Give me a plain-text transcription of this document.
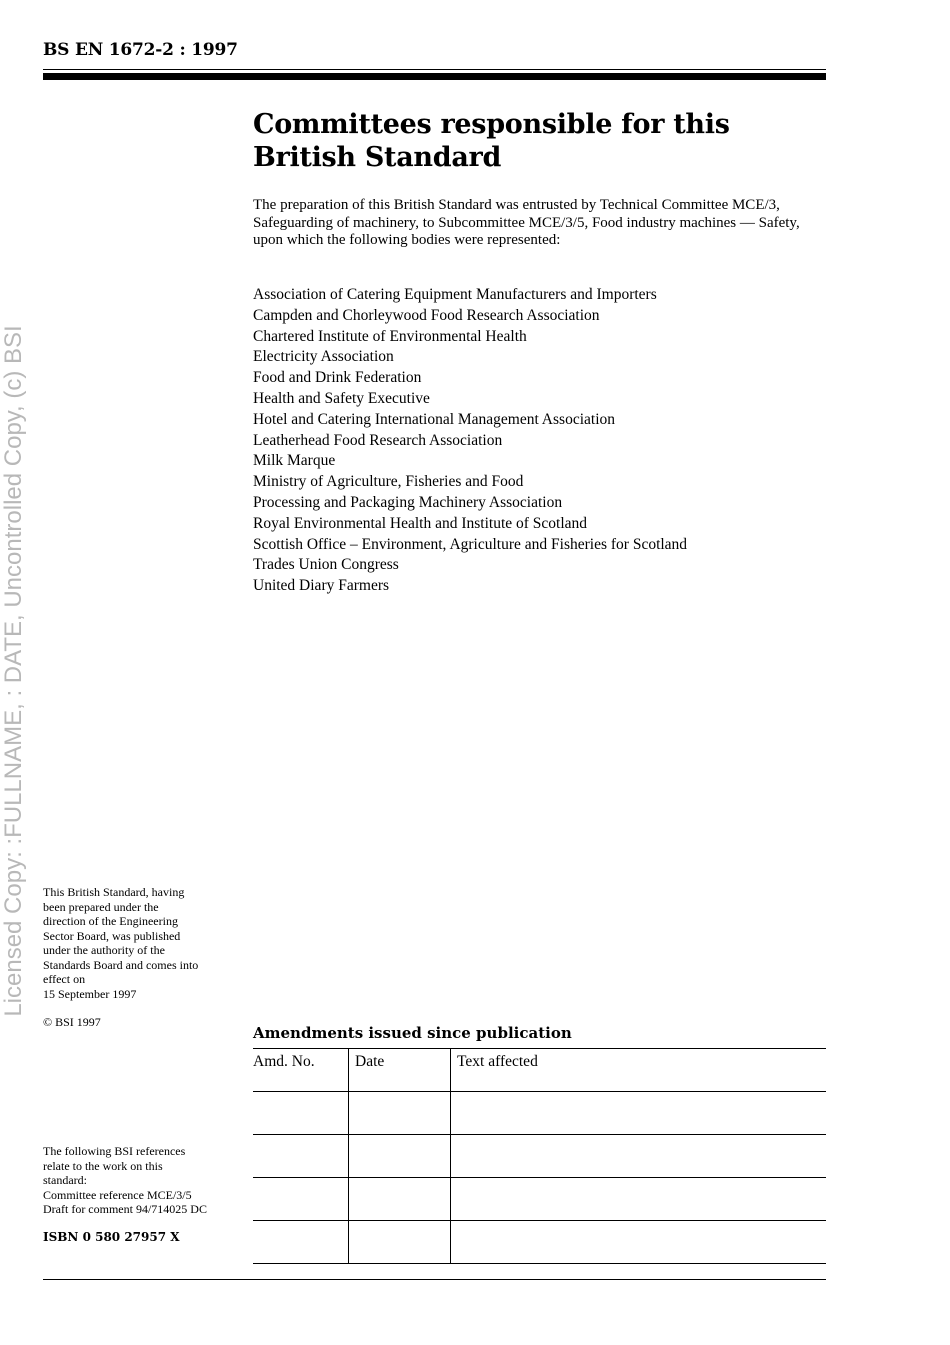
BS EN 1672-2 : 1997
Licensed Copy: :FULLNAME, : DATE, Uncontrolled Copy, (c) BSI
Committees responsible for this
British Standard
The preparation of this British Standard was entrusted by Technical Committee MCE/3, Safeguarding of machinery, to Subcommittee MCE/3/5, Food industry machines — Safety, upon which the following bodies were represented:
Association of Catering Equipment Manufacturers and Importers
Campden and Chorleywood Food Research Association
Chartered Institute of Environmental Health
Electricity Association
Food and Drink Federation
Health and Safety Executive
Hotel and Catering International Management Association
Leatherhead Food Research Association
Milk Marque
Ministry of Agriculture, Fisheries and Food
Processing and Packaging Machinery Association
Royal Environmental Health and Institute of Scotland
Scottish Office – Environment, Agriculture and Fisheries for Scotland
Trades Union Congress
United Diary Farmers
This British Standard, having
been prepared under the
direction of the Engineering
Sector Board, was published
under the authority of the
Standards Board and comes into
effect on
15 September 1997
© BSI 1997
The following BSI references
relate to the work on this
standard:
Committee reference MCE/3/5
Draft for comment 94/714025 DC
ISBN 0 580 27957 X
Amendments issued since publication
Amd. No.	Date	Text affected
